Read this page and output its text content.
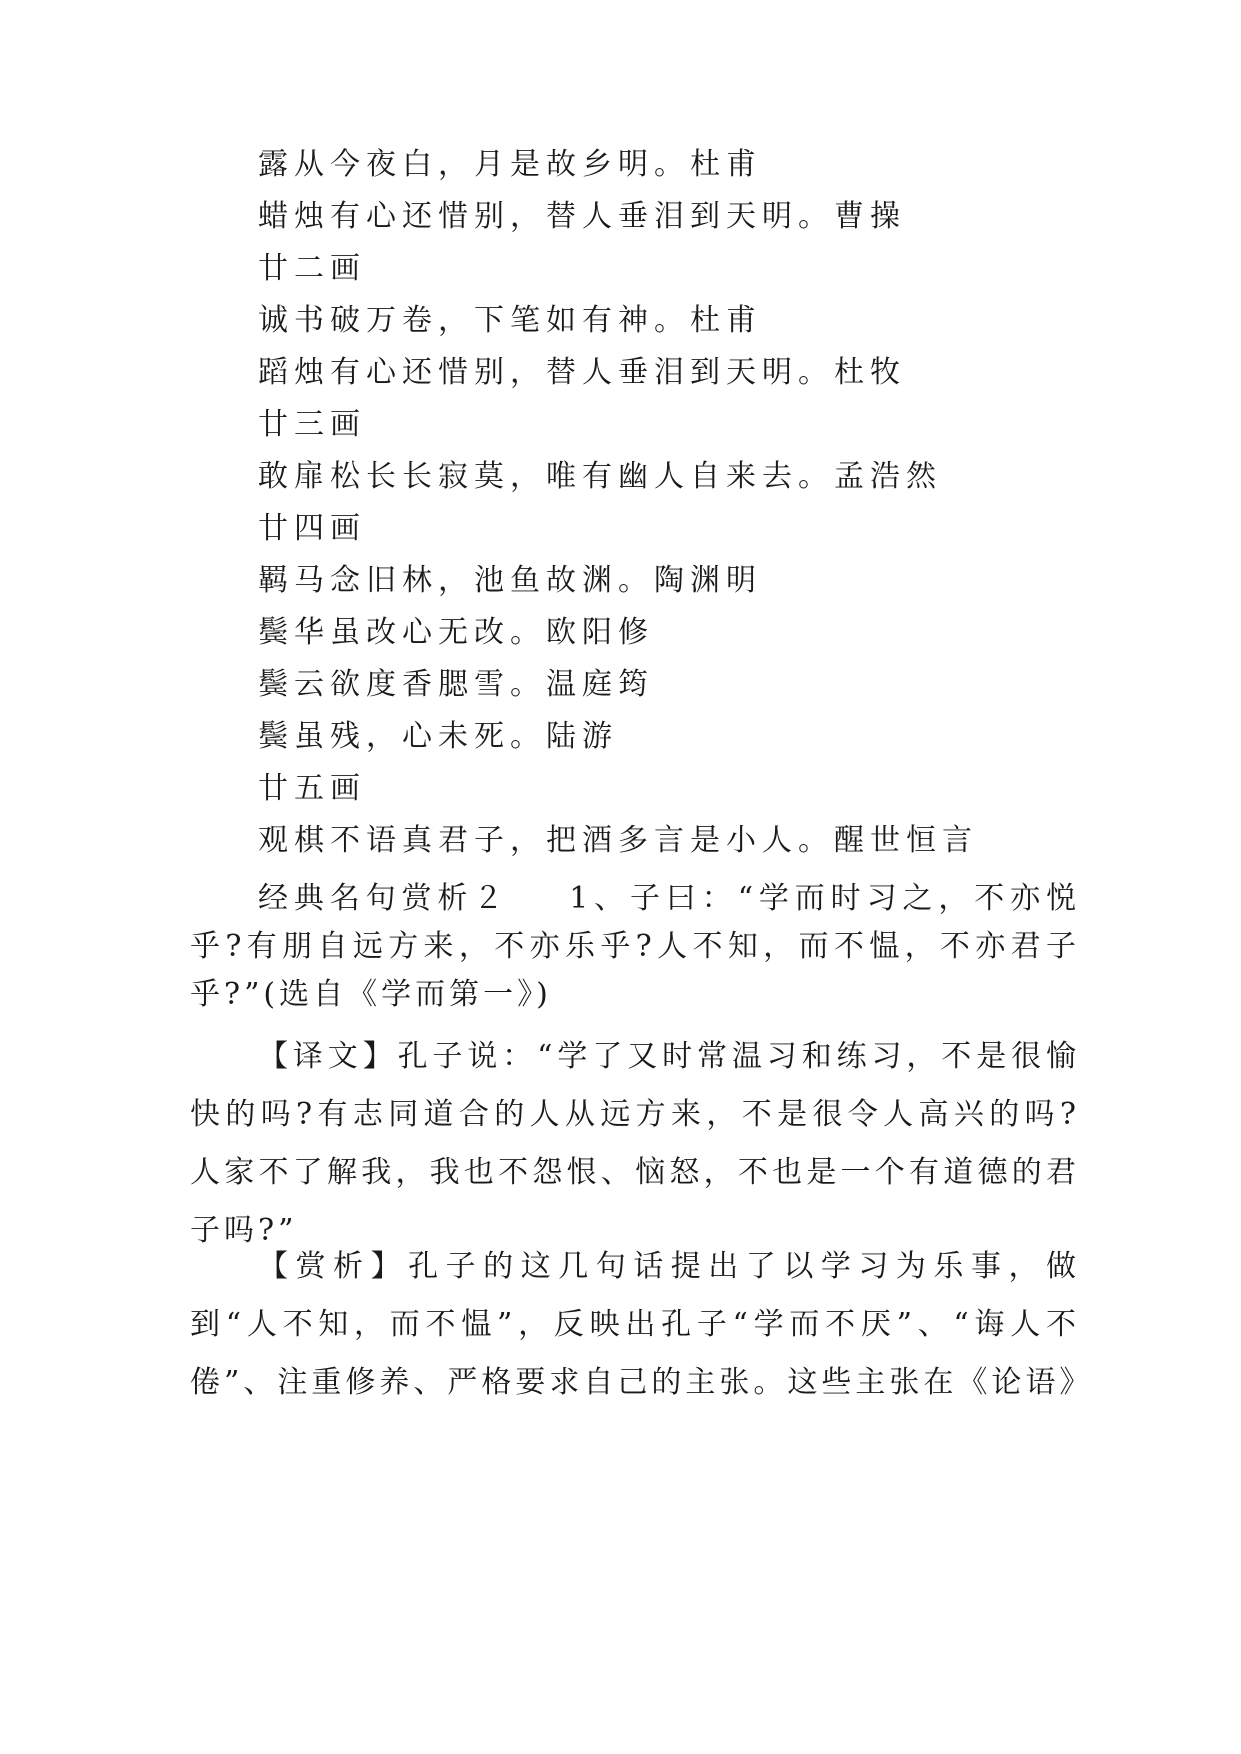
露从今夜白，月是故乡明。杜甫
蜡烛有心还惜别，替人垂泪到天明。曹操
廿二画
诚书破万卷，下笔如有神。杜甫
蹈烛有心还惜别，替人垂泪到天明。杜牧
廿三画
敢扉松长长寂莫，唯有幽人自来去。孟浩然
廿四画
羁马念旧林，池鱼故渊。陶渊明
鬓华虽改心无改。欧阳修
鬓云欲度香腮雪。温庭筠
鬓虽残，心未死。陆游
廿五画
观棋不语真君子，把酒多言是小人。醒世恒言
经典名句赏析２ 1、子曰：“学而时习之，不亦悦乎?有朋自远方来，不亦乐乎?人不知，而不愠，不亦君子乎?”(选自《学而第一》)
【译文】孔子说：“学了又时常温习和练习，不是很愉快的吗?有志同道合的人从远方来，不是很令人高兴的吗?人家不了解我，我也不怨恨、恼怒，不也是一个有道德的君子吗?”
【赏析】孔子的这几句话提出了以学习为乐事，做到“人不知，而不愠”，反映出孔子“学而不厌”、“诲人不倦”、注重修养、严格要求自己的主张。这些主张在《论语》
